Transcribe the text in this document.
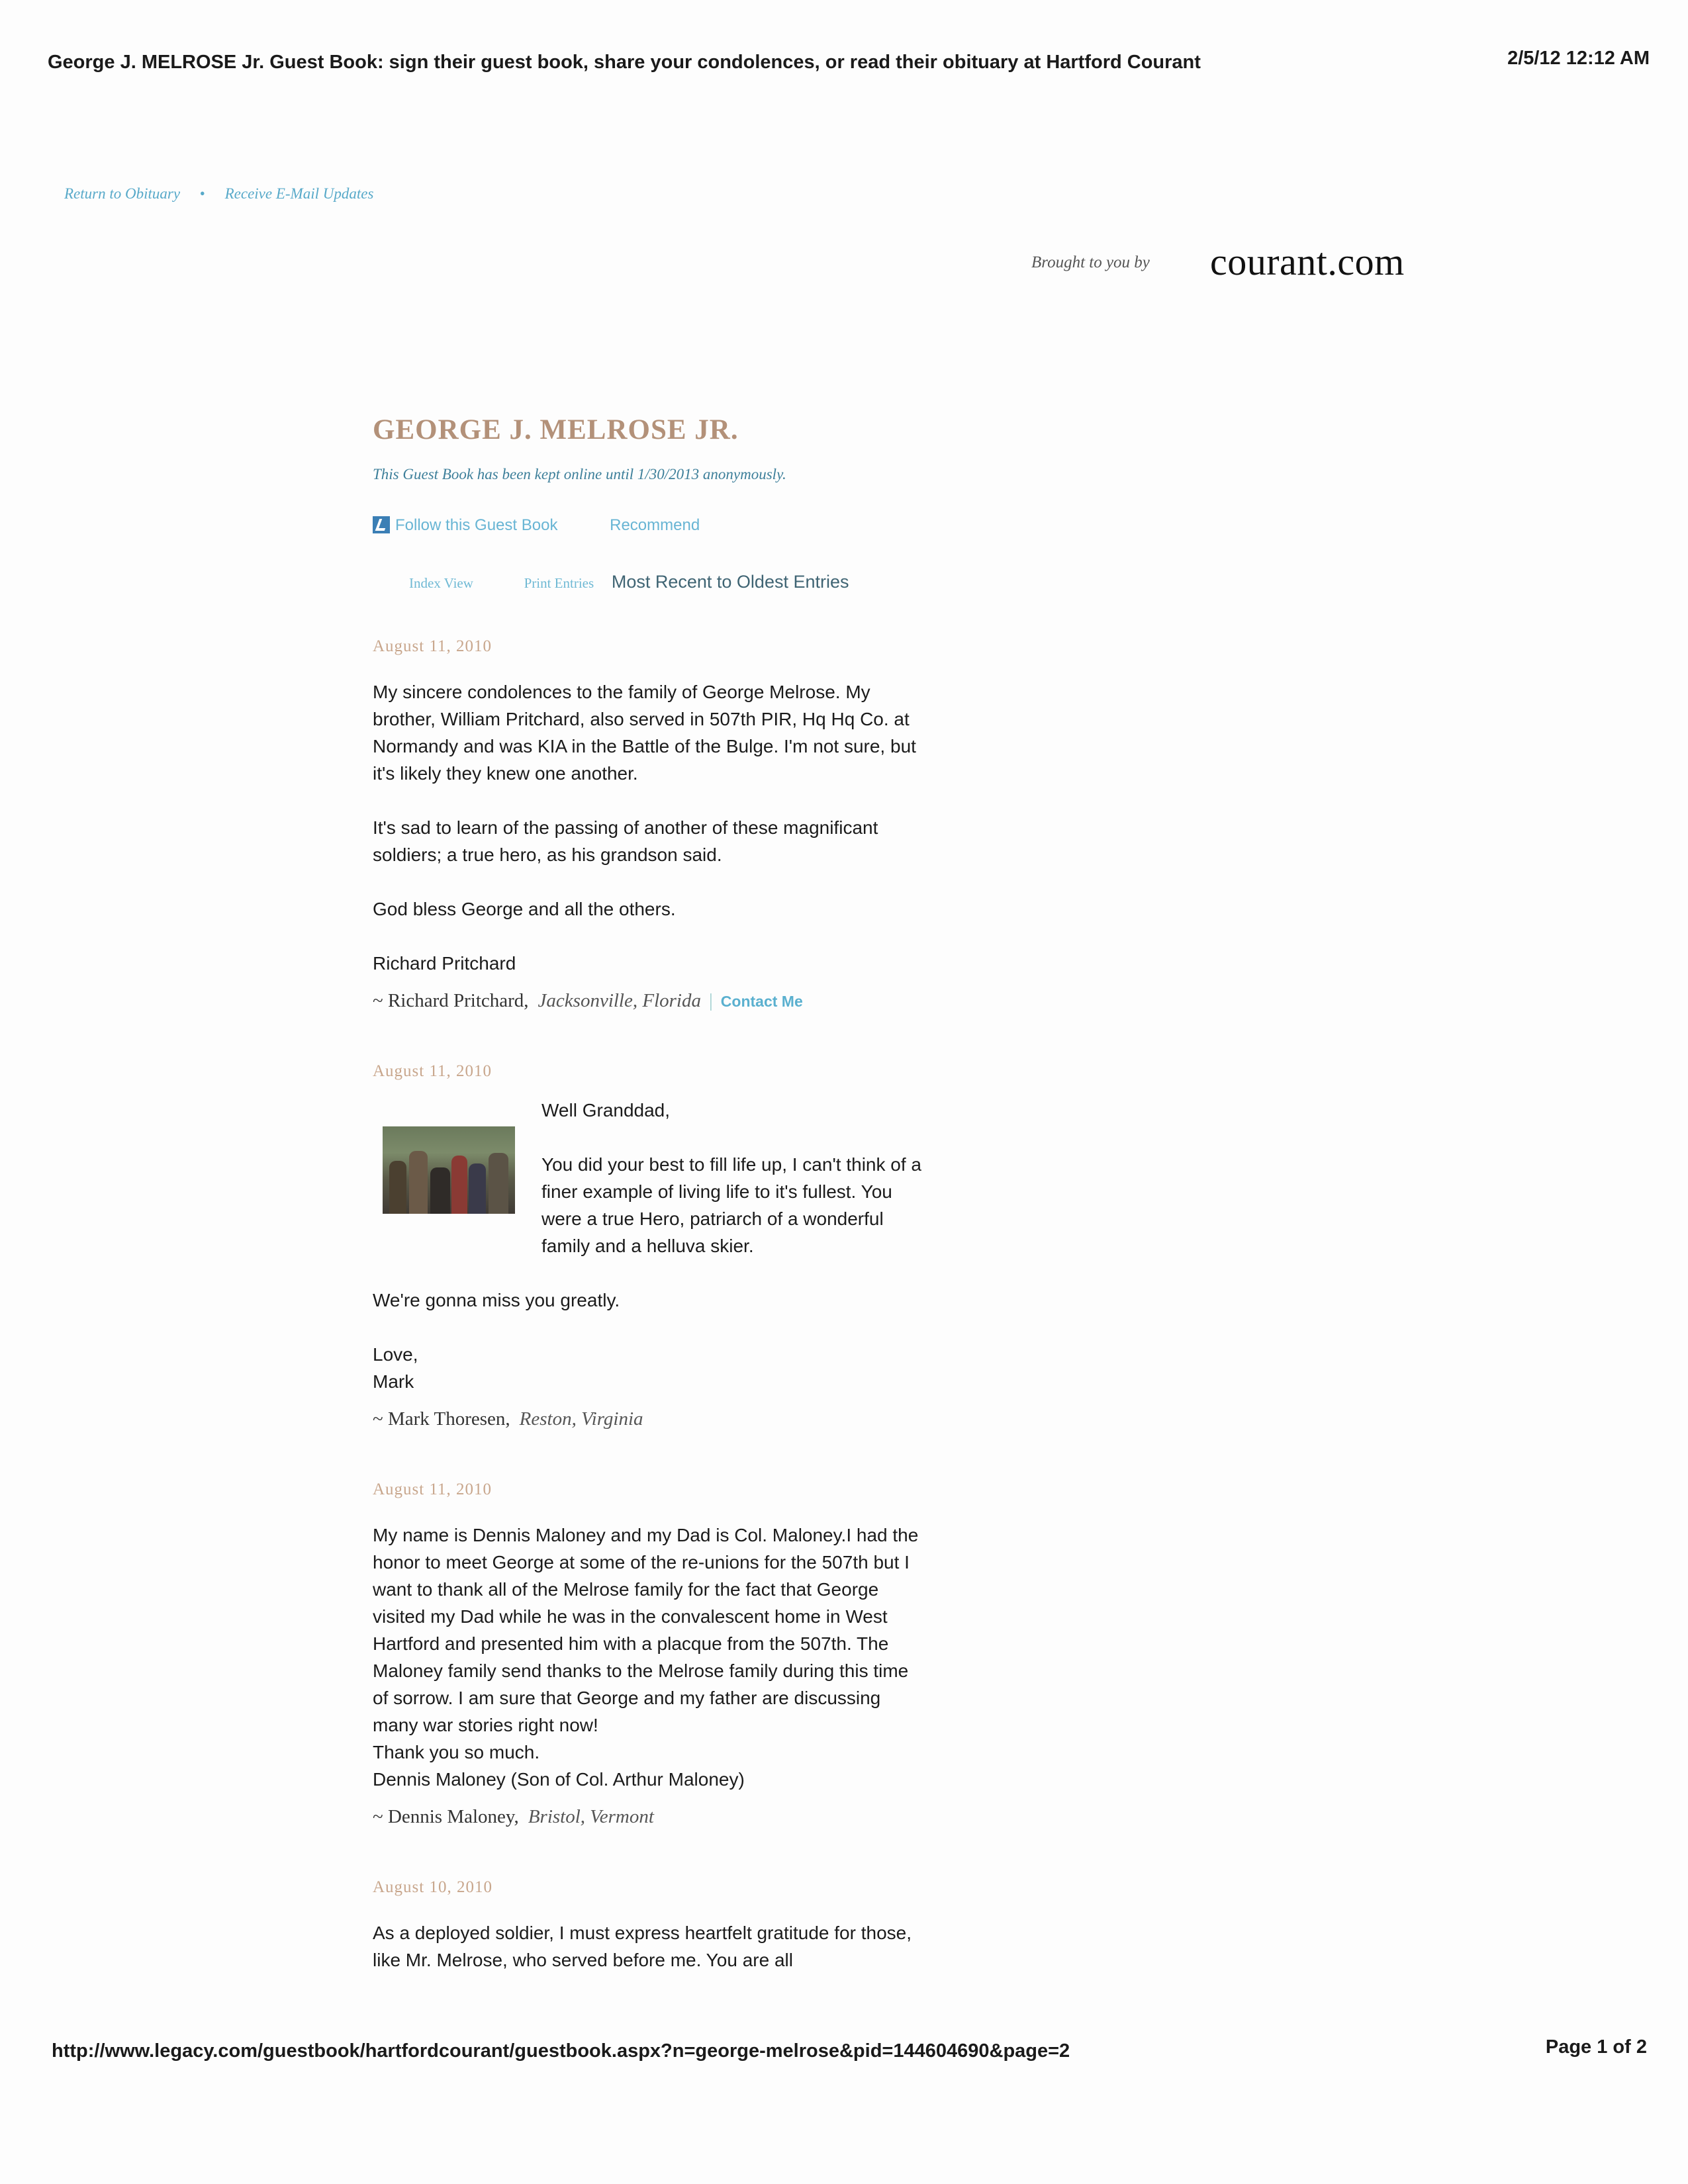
George J. MELROSE Jr. Guest Book: sign their guest book, share your condolences, or read their obituary at Hartford Courant	2/5/12 12:12 AM
Return to Obituary • Receive E-Mail Updates
Brought to you by courant.com
GEORGE J. MELROSE JR.
This Guest Book has been kept online until 1/30/2013 anonymously.
Follow this Guest Book	Recommend
Index View	Print Entries Most Recent to Oldest Entries
August 11, 2010

My sincere condolences to the family of George Melrose. My brother, William Pritchard, also served in 507th PIR, Hq Hq Co. at Normandy and was KIA in the Battle of the Bulge. I'm not sure, but it's likely they knew one another.

It's sad to learn of the passing of another of these magnificant soldiers; a true hero, as his grandson said.

God bless George and all the others.

Richard Pritchard

~ Richard Pritchard, Jacksonville, Florida | Contact Me
August 11, 2010

Well Granddad,

You did your best to fill life up, I can't think of a finer example of living life to it's fullest. You were a true Hero, patriarch of a wonderful family and a helluva skier.

We're gonna miss you greatly.

Love,
Mark

~ Mark Thoresen, Reston, Virginia
August 11, 2010

My name is Dennis Maloney and my Dad is Col. Maloney.I had the honor to meet George at some of the re-unions for the 507th but I want to thank all of the Melrose family for the fact that George visited my Dad while he was in the convalescent home in West Hartford and presented him with a placque from the 507th. The Maloney family send thanks to the Melrose family during this time of sorrow. I am sure that George and my father are discussing many war stories right now!
Thank you so much.
Dennis Maloney (Son of Col. Arthur Maloney)

~ Dennis Maloney, Bristol, Vermont
August 10, 2010

As a deployed soldier, I must express heartfelt gratitude for those, like Mr. Melrose, who served before me. You are all

http://www.legacy.com/guestbook/hartfordcourant/guestbook.aspx?n=george-melrose&pid=144604690&page=2	Page 1 of 2
